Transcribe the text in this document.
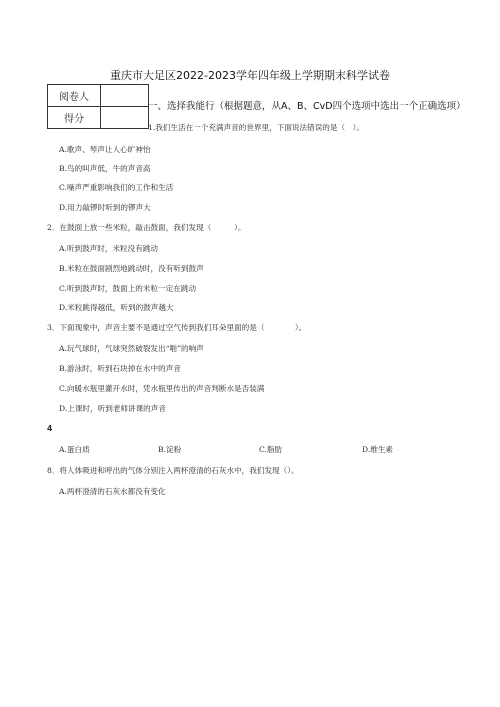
重庆市大足区2022-2023学年四年级上学期期末科学试卷
阅卷人	
得分	
一、选择我能行（根据题意，从A、B、CvD四个选项中选出一个正确选项）
1.我们生活在一个充满声音的世界里，下面说法错误的是（　）。
A.歌声、琴声让人心旷神怡
B.鸟的叫声低，牛的声音高
C.噪声严重影响我们的工作和生活
D.用力敲锣时听到的锣声大
2．在鼓面上放一些米粒，敲击鼓面，我们发现（　　　）。
A.听到鼓声时，米粒没有跳动
B.米粒在鼓面剧烈地跳动时，没有听到鼓声
C.听到鼓声时，鼓面上的米粒一定在跳动
D.米粒跳得越低，听到的鼓声越大
3．下面现象中，声音主要不是通过空气传到我们耳朵里面的是（　　　　）。
A.玩气球时，气球突然破裂发出“啪”的响声
B.游泳时，听到石块掉在水中的声音
C.向暖水瓶里灌开水时，凭水瓶里传出的声音判断水是否装满
D.上课时，听到老师讲课的声音
4
A.蛋白质	B.淀粉	C.脂肪	D.维生素
8．将人体吸进和呼出的气体分别注入两杯澄清的石灰水中，我们发现（）。
A.两杯澄清的石灰水都没有变化
